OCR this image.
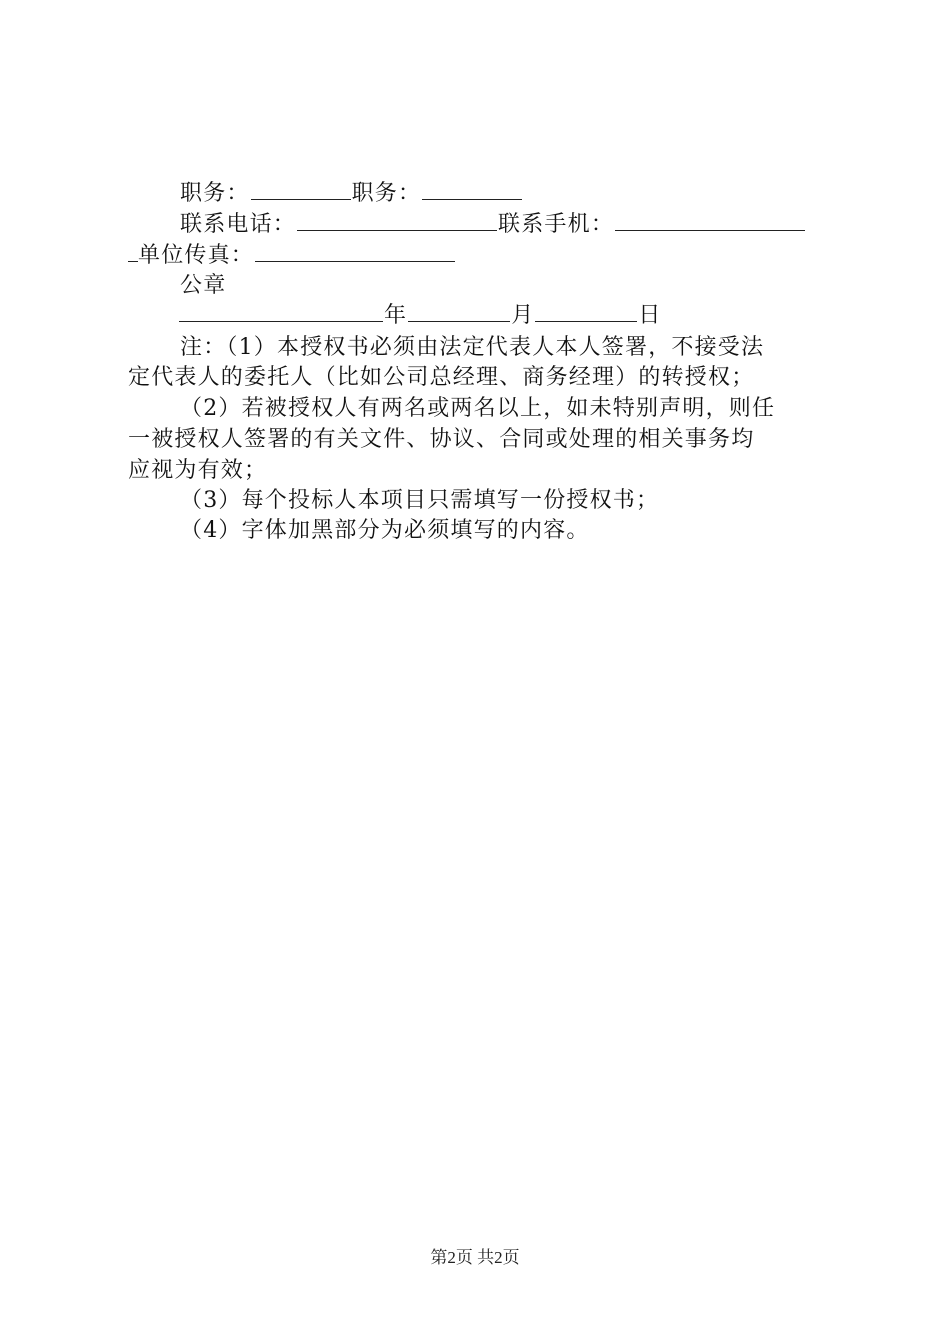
职务：	职务：
联系电话：	联系手机：
单位传真：
公章
年	月	日
注：（1）本授权书必须由法定代表人本人签署，不接受法
定代表人的委托人（比如公司总经理、商务经理）的转授权；
（2）若被授权人有两名或两名以上，如未特别声明，则任
一被授权人签署的有关文件、协议、合同或处理的相关事务均
应视为有效；
（3）每个投标人本项目只需填写一份授权书；
（4）字体加黑部分为必须填写的内容。
第2页 共2页
